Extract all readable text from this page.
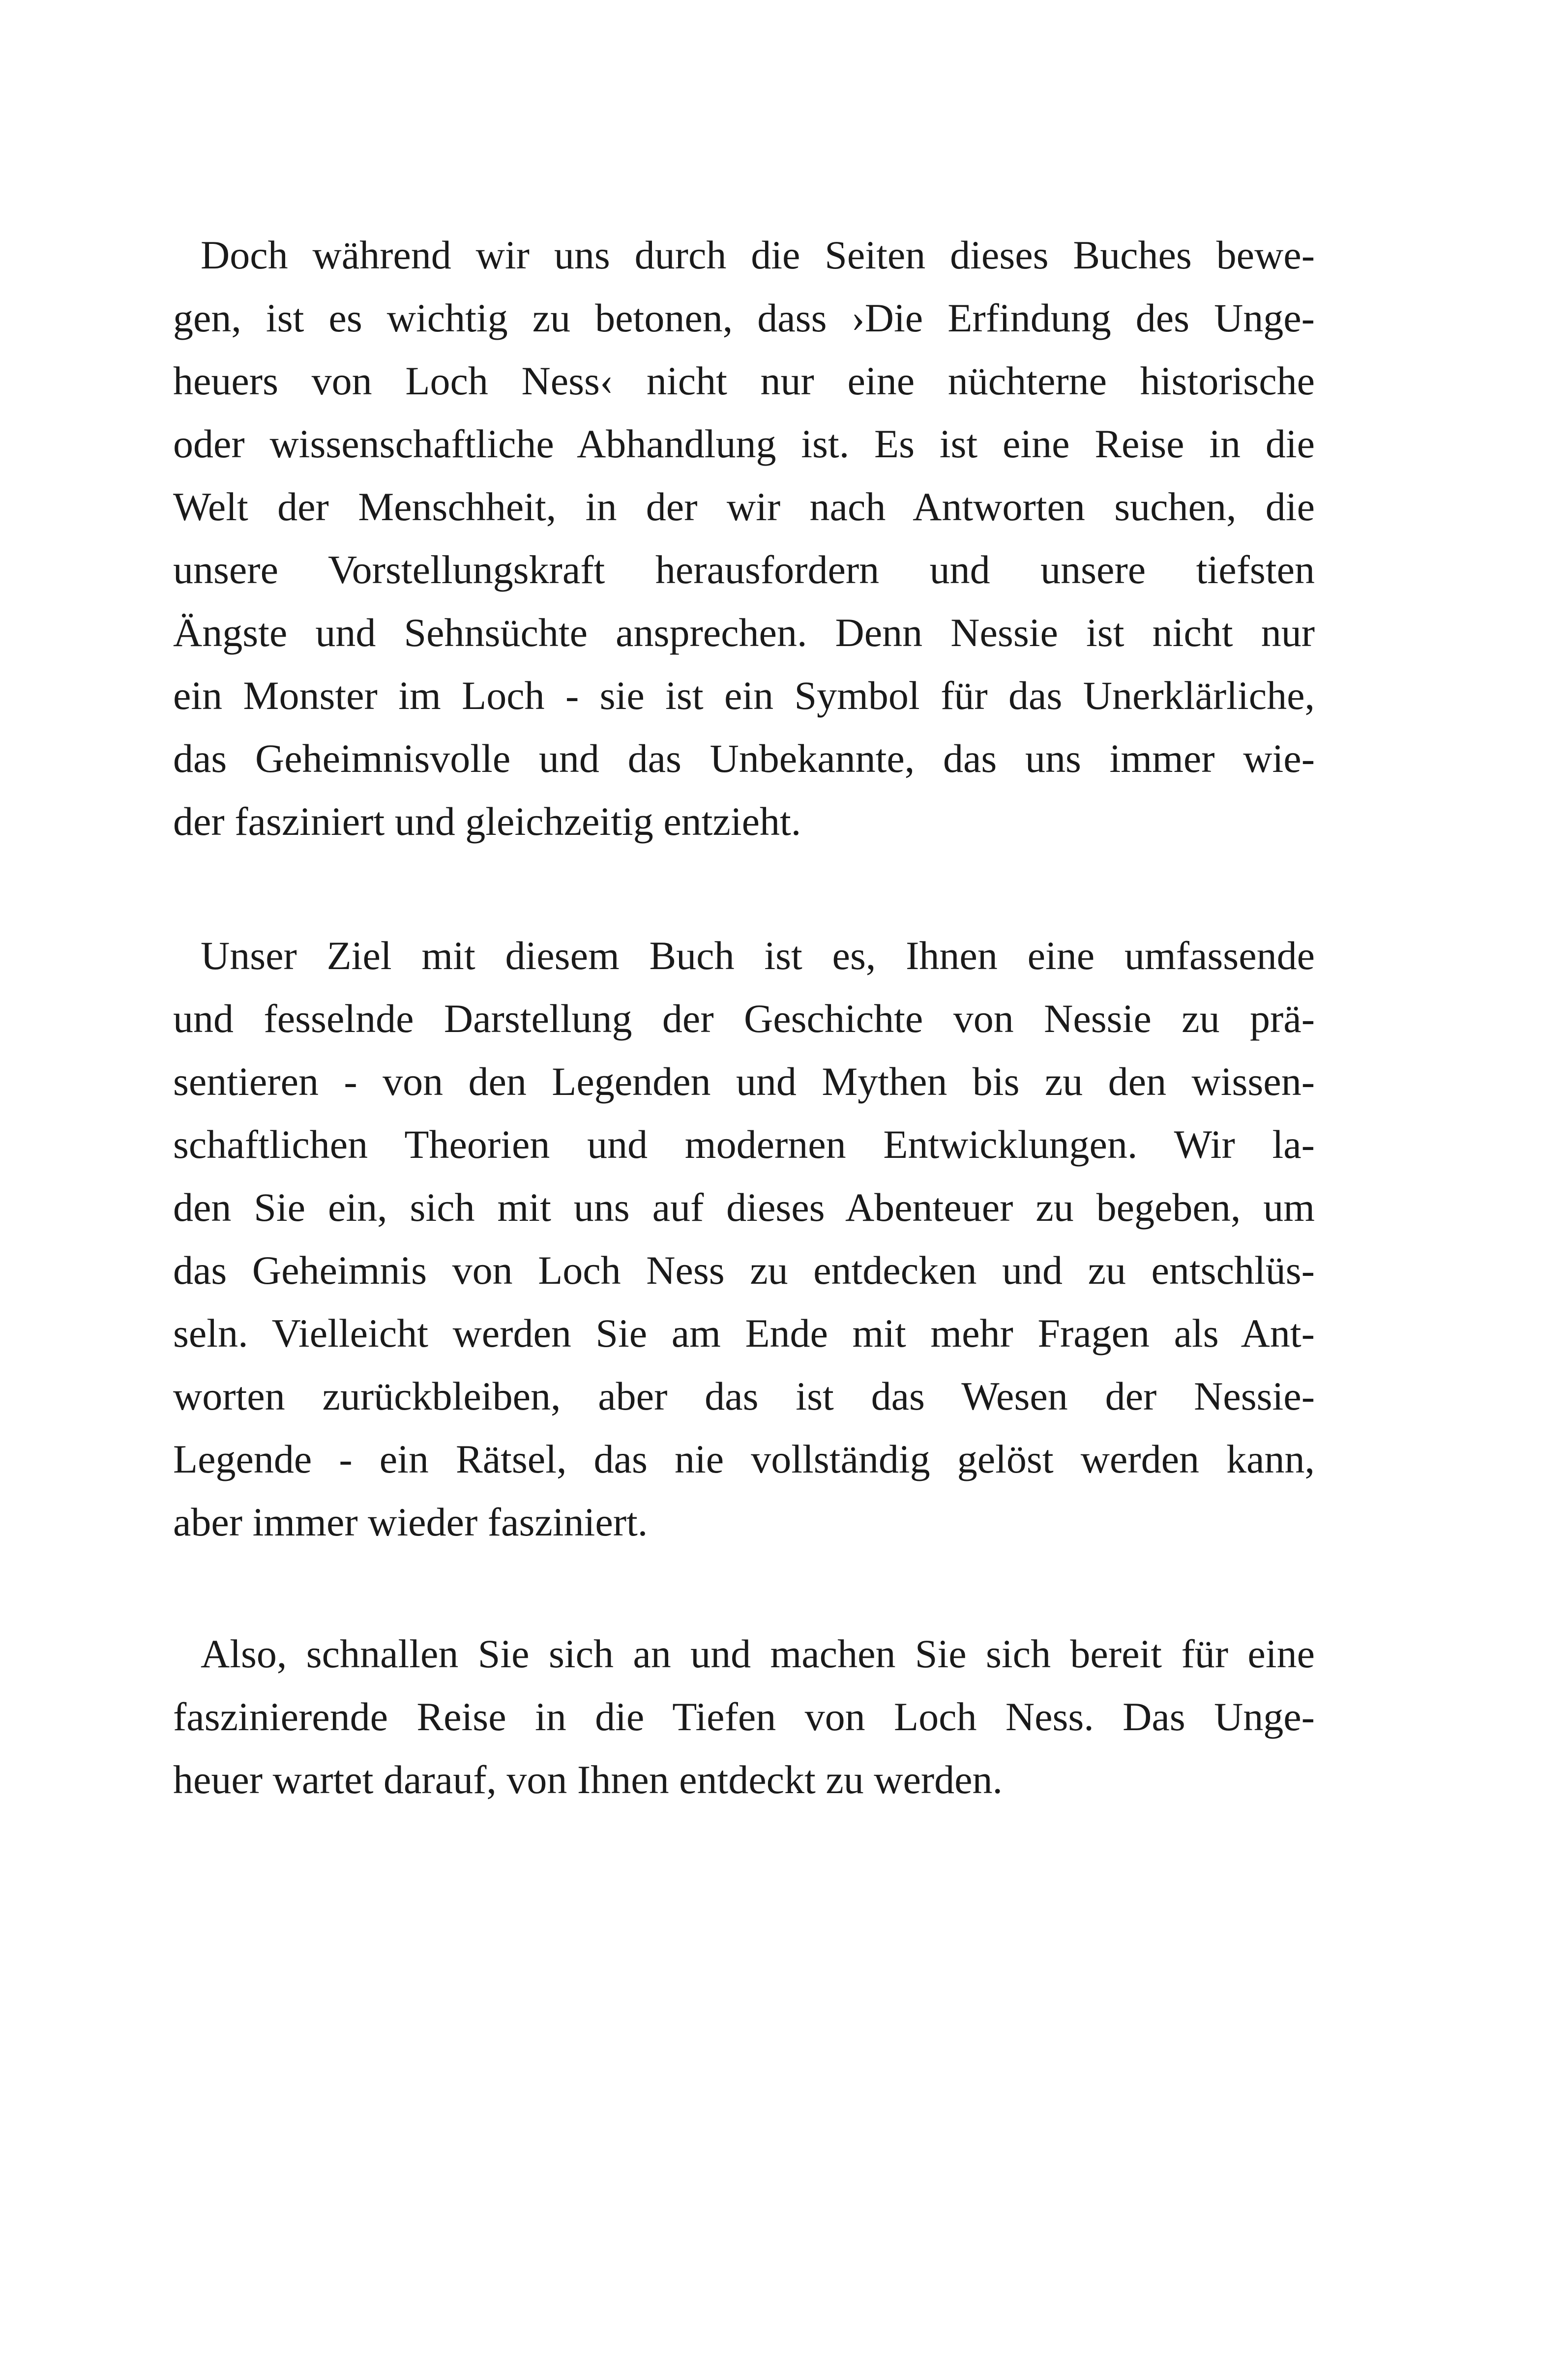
Doch während wir uns durch die Seiten dieses Buches bewe-
gen, ist es wichtig zu betonen, dass ›Die Erfindung des Unge-
heuers von Loch Ness‹ nicht nur eine nüchterne historische
oder wissenschaftliche Abhandlung ist. Es ist eine Reise in die
Welt der Menschheit, in der wir nach Antworten suchen, die
unsere Vorstellungskraft herausfordern und unsere tiefsten
Ängste und Sehnsüchte ansprechen. Denn Nessie ist nicht nur
ein Monster im Loch - sie ist ein Symbol für das Unerklärliche,
das Geheimnisvolle und das Unbekannte, das uns immer wie-
der fasziniert und gleichzeitig entzieht.
Unser Ziel mit diesem Buch ist es, Ihnen eine umfassende
und fesselnde Darstellung der Geschichte von Nessie zu prä-
sentieren - von den Legenden und Mythen bis zu den wissen-
schaftlichen Theorien und modernen Entwicklungen. Wir la-
den Sie ein, sich mit uns auf dieses Abenteuer zu begeben, um
das Geheimnis von Loch Ness zu entdecken und zu entschlüs-
seln. Vielleicht werden Sie am Ende mit mehr Fragen als Ant-
worten zurückbleiben, aber das ist das Wesen der Nessie-
Legende - ein Rätsel, das nie vollständig gelöst werden kann,
aber immer wieder fasziniert.
Also, schnallen Sie sich an und machen Sie sich bereit für eine
faszinierende Reise in die Tiefen von Loch Ness. Das Unge-
heuer wartet darauf, von Ihnen entdeckt zu werden.
